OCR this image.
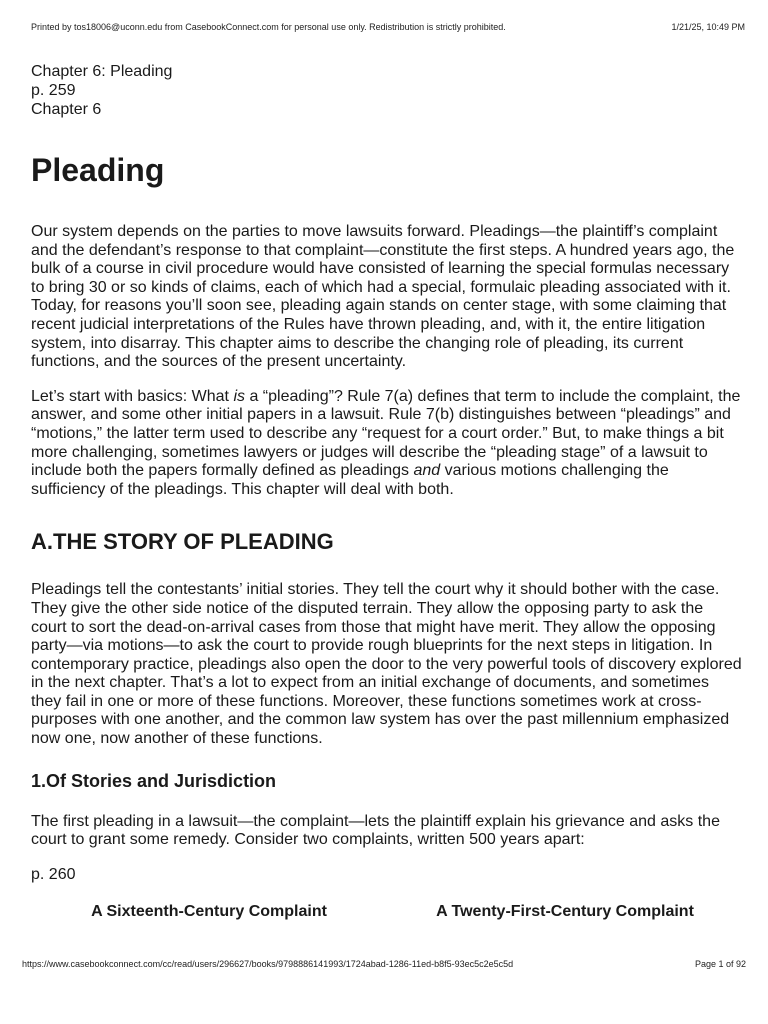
Printed by tos18006@uconn.edu from CasebookConnect.com for personal use only. Redistribution is strictly prohibited.	1/21/25, 10:49 PM

Chapter 6: Pleading

p. 259

Chapter 6

Pleading

Our system depends on the parties to move lawsuits forward. Pleadings—the plaintiff’s complaint and the defendant’s response to that complaint—constitute the first steps. A hundred years ago, the bulk of a course in civil procedure would have consisted of learning the special formulas necessary to bring 30 or so kinds of claims, each of which had a special, formulaic pleading associated with it. Today, for reasons you’ll soon see, pleading again stands on center stage, with some claiming that recent judicial interpretations of the Rules have thrown pleading, and, with it, the entire litigation system, into disarray. This chapter aims to describe the changing role of pleading, its current functions, and the sources of the present uncertainty.

Let’s start with basics: What is a “pleading”? Rule 7(a) defines that term to include the complaint, the answer, and some other initial papers in a lawsuit. Rule 7(b) distinguishes between “pleadings” and “motions,” the latter term used to describe any “request for a court order.” But, to make things a bit more challenging, sometimes lawyers or judges will describe the “pleading stage” of a lawsuit to include both the papers formally defined as pleadings and various motions challenging the sufficiency of the pleadings. This chapter will deal with both.

A.THE STORY OF PLEADING

Pleadings tell the contestants’ initial stories. They tell the court why it should bother with the case. They give the other side notice of the disputed terrain. They allow the opposing party to ask the court to sort the dead-on-arrival cases from those that might have merit. They allow the opposing party—via motions—to ask the court to provide rough blueprints for the next steps in litigation. In contemporary practice, pleadings also open the door to the very powerful tools of discovery explored in the next chapter. That’s a lot to expect from an initial exchange of documents, and sometimes they fail in one or more of these functions. Moreover, these functions sometimes work at cross-purposes with one another, and the common law system has over the past millennium emphasized now one, now another of these functions.

1.Of Stories and Jurisdiction

The first pleading in a lawsuit—the complaint—lets the plaintiff explain his grievance and asks the court to grant some remedy. Consider two complaints, written 500 years apart:

p. 260
A Sixteenth-Century Complaint	A Twenty-First-Century Complaint
https://www.casebookconnect.com/cc/read/users/296627/books/9798886141993/1724abad-1286-11ed-b8f5-93ec5c2e5c5d	Page 1 of 92
